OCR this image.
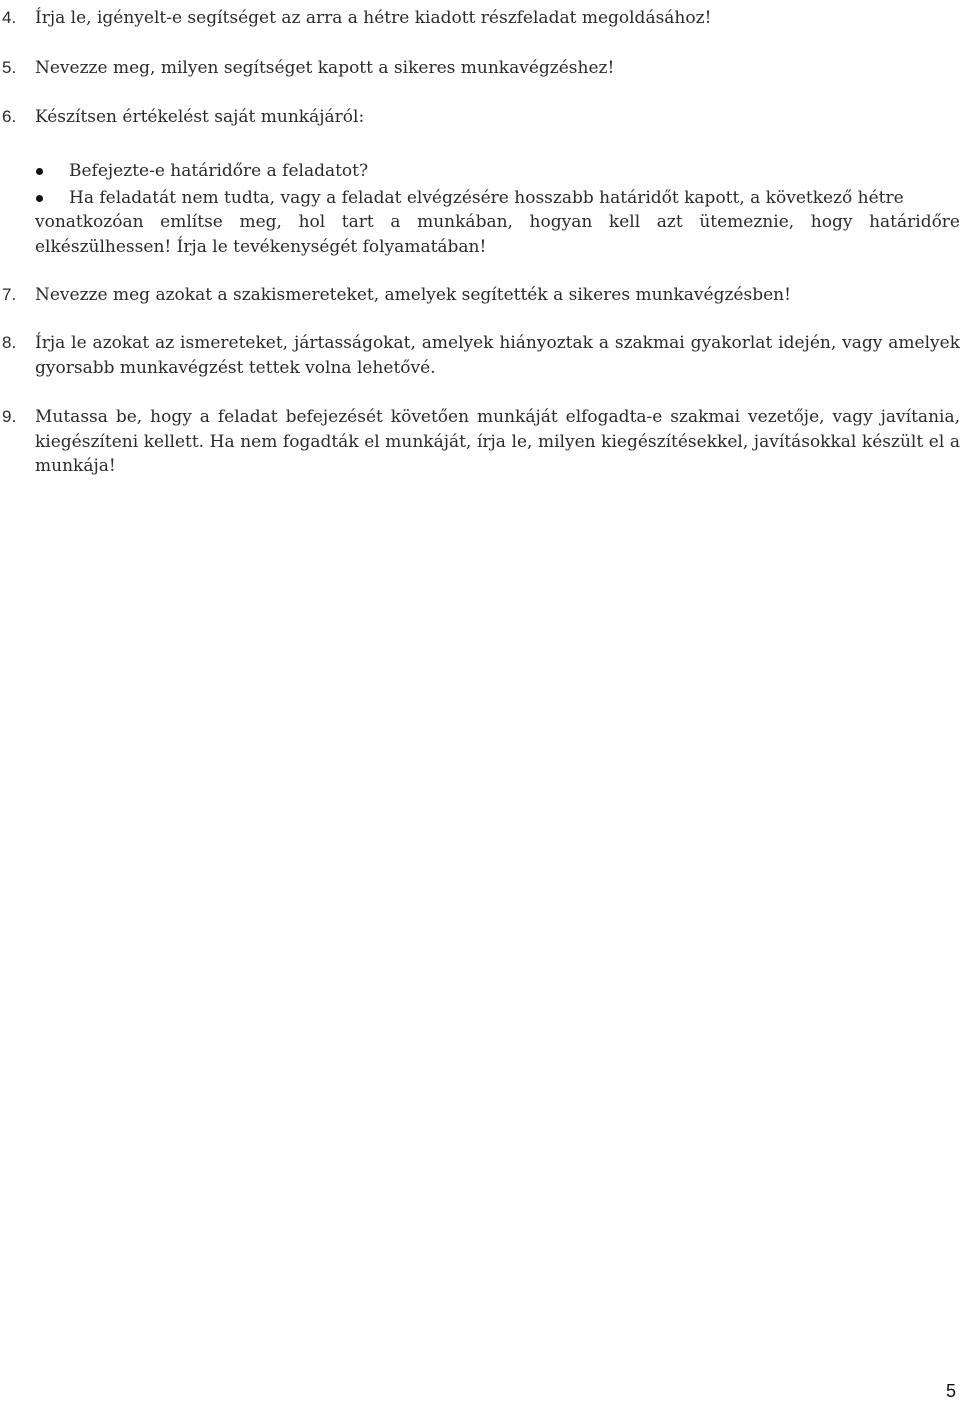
4. Írja le, igényelt-e segítséget az arra a hétre kiadott részfeladat megoldásához!
5. Nevezze meg, milyen segítséget kapott a sikeres munkavégzéshez!
6. Készítsen értékelést saját munkájáról:
Befejezte-e határidőre a feladatot?
Ha feladatát nem tudta, vagy a feladat elvégzésére hosszabb határidőt kapott, a következő hétre
vonatkozóan említse meg, hol tart a munkában, hogyan kell azt ütemeznie, hogy határidőre elkészülhessen! Írja le tevékenységét folyamatában!
7. Nevezze meg azokat a szakismereteket, amelyek segítették a sikeres munkavégzésben!
8. Írja le azokat az ismereteket, jártasságokat, amelyek hiányoztak a szakmai gyakorlat idején, vagy amelyek gyorsabb munkavégzést tettek volna lehetővé.
9. Mutassa be, hogy a feladat befejezését követően munkáját elfogadta-e szakmai vezetője, vagy javítania, kiegészíteni kellett. Ha nem fogadták el munkáját, írja le, milyen kiegészítésekkel, javításokkal készült el a munkája!
5
